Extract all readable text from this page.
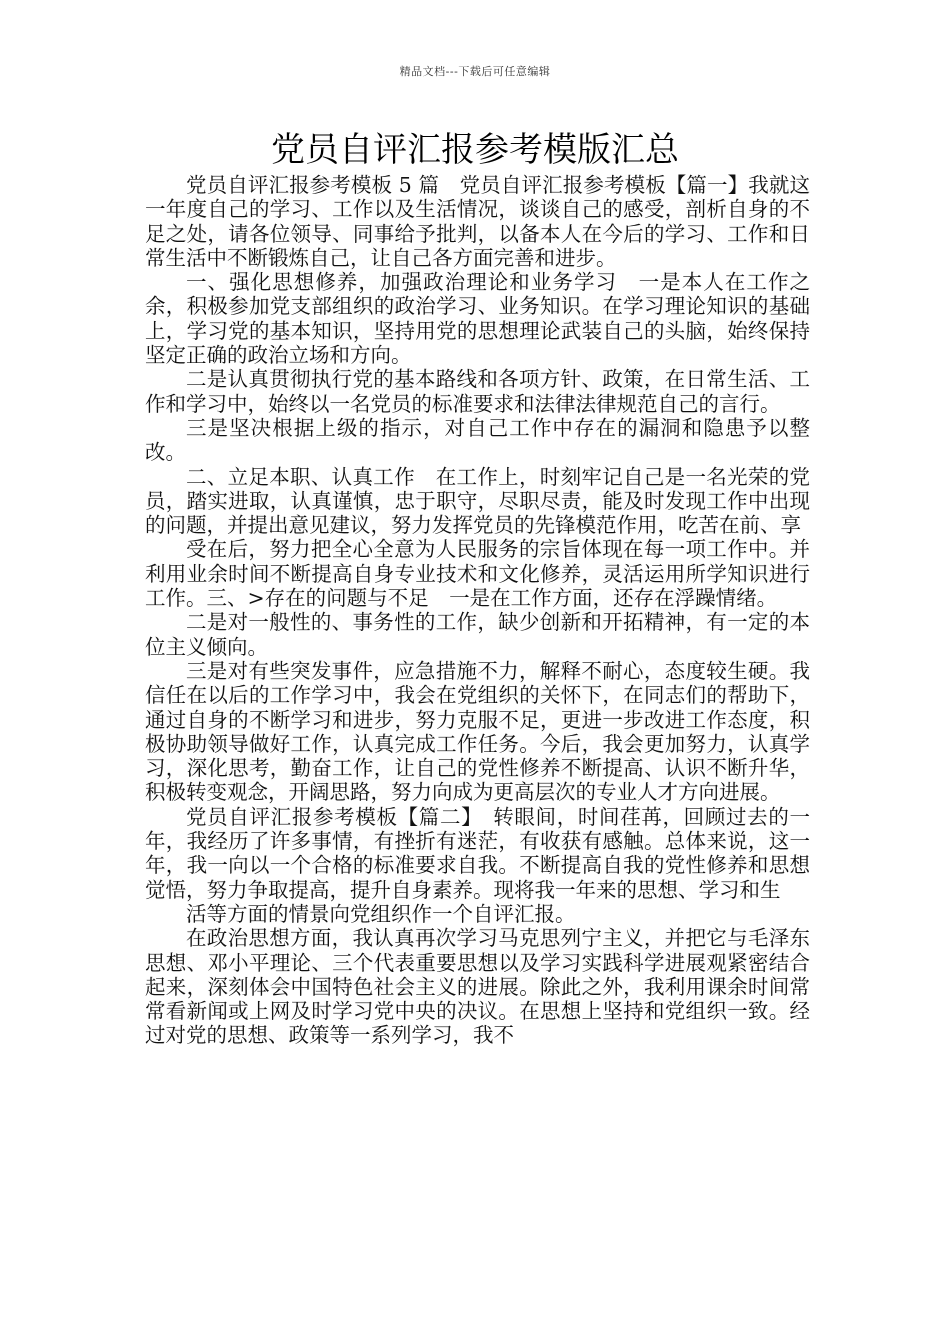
精品文档---下载后可任意编辑
党员自评汇报参考模版汇总

党员自评汇报参考模板 5 篇　党员自评汇报参考模板【篇一】我就这一年度自己的学习、工作以及生活情况，谈谈自己的感受，剖析自身的不足之处，请各位领导、同事给予批判，以备本人在今后的学习、工作和日常生活中不断锻炼自己，让自己各方面完善和进步。

一、强化思想修养，加强政治理论和业务学习　一是本人在工作之余，积极参加党支部组织的政治学习、业务知识。在学习理论知识的基础上，学习党的基本知识，坚持用党的思想理论武装自己的头脑，始终保持坚定正确的政治立场和方向。

二是认真贯彻执行党的基本路线和各项方针、政策，在日常生活、工作和学习中，始终以一名党员的标准要求和法律法律规范自己的言行。

三是坚决根据上级的指示，对自己工作中存在的漏洞和隐患予以整改。

二、立足本职、认真工作　在工作上，时刻牢记自己是一名光荣的党员，踏实进取，认真谨慎，忠于职守，尽职尽责，能及时发现工作中出现的问题，并提出意见建议，努力发挥党员的先锋模范作用，吃苦在前、享

受在后，努力把全心全意为人民服务的宗旨体现在每一项工作中。并利用业余时间不断提高自身专业技术和文化修养，灵活运用所学知识进行工作。三、>存在的问题与不足　一是在工作方面，还存在浮躁情绪。

二是对一般性的、事务性的工作，缺少创新和开拓精神，有一定的本位主义倾向。

三是对有些突发事件，应急措施不力，解释不耐心，态度较生硬。我信任在以后的工作学习中，我会在党组织的关怀下，在同志们的帮助下，通过自身的不断学习和进步，努力克服不足，更进一步改进工作态度，积极协助领导做好工作，认真完成工作任务。今后，我会更加努力，认真学习，深化思考，勤奋工作，让自己的党性修养不断提高、认识不断升华，积极转变观念，开阔思路，努力向成为更高层次的专业人才方向进展。

党员自评汇报参考模板【篇二】　转眼间，时间荏苒，回顾过去的一年，我经历了许多事情，有挫折有迷茫，有收获有感触。总体来说，这一年，我一向以一个合格的标准要求自我。不断提高自我的党性修养和思想觉悟，努力争取提高，提升自身素养。现将我一年来的思想、学习和生

活等方面的情景向党组织作一个自评汇报。

在政治思想方面，我认真再次学习马克思列宁主义，并把它与毛泽东思想、邓小平理论、三个代表重要思想以及学习实践科学进展观紧密结合起来，深刻体会中国特色社会主义的进展。除此之外，我利用课余时间常常看新闻或上网及时学习党中央的决议。在思想上坚持和党组织一致。经过对党的思想、政策等一系列学习，我不
